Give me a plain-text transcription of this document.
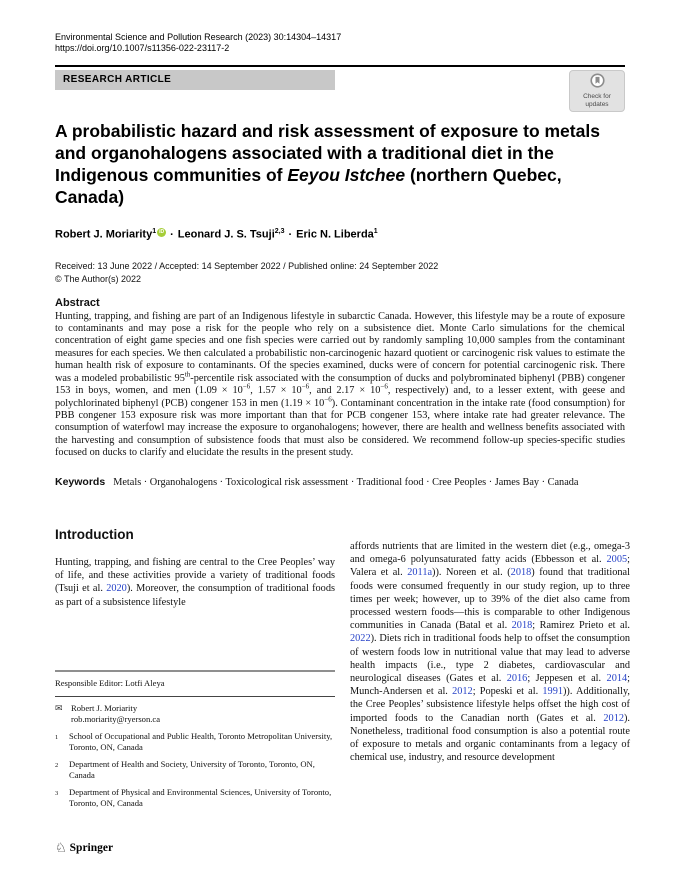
Environmental Science and Pollution Research (2023) 30:14304–14317
https://doi.org/10.1007/s11356-022-23117-2
RESEARCH ARTICLE
Check for
updates
A probabilistic hazard and risk assessment of exposure to metals and organohalogens associated with a traditional diet in the Indigenous communities of Eeyou Istchee (northern Quebec, Canada)
Robert J. Moriarity$^1$ iD · Leonard J. S. Tsuji$^{2,3}$ · Eric N. Liberda$^1$
Received: 13 June 2022 / Accepted: 14 September 2022 / Published online: 24 September 2022
© The Author(s) 2022
Abstract

Hunting, trapping, and fishing are part of an Indigenous lifestyle in subarctic Canada. However, this lifestyle may be a route of exposure to contaminants and may pose a risk for the people who rely on a subsistence diet. Monte Carlo simulations for the chemical concentration of eight game species and one fish species were carried out by randomly sampling 10,000 samples from the contaminant measures for each species. We then calculated a probabilistic non-carcinogenic hazard quotient or carcinogenic risk values to estimate the human health risk of exposure to contaminants. Of the species examined, ducks were of concern for potential carcinogenic risk. There was a modeled probabilistic 95th-percentile risk associated with the consumption of ducks and polybrominated biphenyl (PBB) congener 153 in boys, women, and men ($1.09 \times 10^{-6}$, $1.57 \times 10^{-6}$, and $2.17 \times 10^{-6}$, respectively) and, to a lesser extent, with geese and polychlorinated biphenyl (PCB) congener 153 in men $(1.19 \times 10^{-6})$. Contaminant concentration in the intake rate (food consumption) for PBB congener 153 exposure risk was more important than that for PCB congener 153, where intake rate had greater relevance. The consumption of waterfowl may increase the exposure to organohalogens; however, there are health and wellness benefits associated with the harvesting and consumption of subsistence foods that must also be considered. We recommend follow-up species-specific studies focused on ducks to clarify and elucidate the results in the present study.

Keywords Metals · Organohalogens · Toxicological risk assessment · Traditional food · Cree Peoples · James Bay · Canada
Introduction

Hunting, trapping, and fishing are central to the Cree Peoples’ way of life, and these activities provide a variety of traditional foods (Tsuji et al. 2020). Moreover, the consumption of traditional foods as part of a subsistence lifestyle

Responsible Editor: Lotfi Aleya
✉ Robert J. Moriarity
rob.moriarity@ryerson.ca
1	School of Occupational and Public Health, Toronto Metropolitan University, Toronto, ON, Canada
2	Department of Health and Society, University of Toronto, Toronto, ON, Canada
3	Department of Physical and Environmental Sciences, University of Toronto, Toronto, ON, Canada

affords nutrients that are limited in the western diet (e.g., omega-3 and omega-6 polyunsaturated fatty acids (Ebbesson et al. 2005; Valera et al. 2011a)). Noreen et al. (2018) found that traditional foods were consumed frequently in our study region, up to three times per week; however, up to 39% of the diet also came from processed western foods—this is comparable to other Indigenous communities in Canada (Batal et al. 2018; Ramirez Prieto et al. 2022). Diets rich in traditional foods help to offset the consumption of western foods low in nutritional value that may lead to adverse health impacts (i.e., type 2 diabetes, cardiovascular and neurological diseases (Gates et al. 2016; Jeppesen et al. 2014; Munch-Andersen et al. 2012; Popeski et al. 1991)). Additionally, the Cree Peoples’ subsistence lifestyle helps offset the high cost of imported foods to the Canadian north (Gates et al. 2012). Nonetheless, traditional food consumption is also a potential route of exposure to metals and organic contaminants from a legacy of chemical use, industry, and resource development

♘ Springer
